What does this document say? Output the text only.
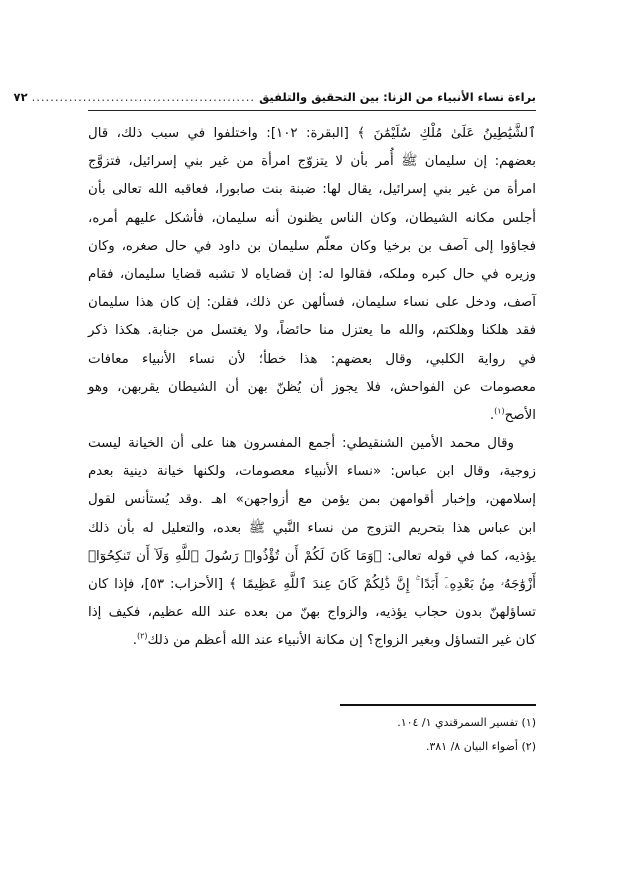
براءة نساء الأنبياء من الزنا: بين التحقيق والتلفيق
................................................
٧٢
ٱلشَّيَٰطِينُ عَلَىٰ مُلْكِ سُلَيْمَٰنَ ﴾ [البقرة: ١٠٢]: واختلفوا في سبب ذلك، قال
بعضهم: إن سليمان ﷺ أُمر بأن لا يتزوّج امرأة من غير بني إسرائيل، فتزوَّج
امرأة من غير بني إسرائيل، يقال لها: ضبنة بنت صابورا، فعاقبه الله تعالى بأن
أجلس مكانه الشيطان، وكان الناس يظنون أنه سليمان، فأشكل عليهم أمره،
فجاؤوا إلى آصف بن برخيا وكان معلّم سليمان بن داود في حال صغره، وكان
وزيره في حال كبره وملكه، فقالوا له: إن قضاياه لا تشبه قضايا سليمان، فقام
آصف، ودخل على نساء سليمان، فسألهن عن ذلك، فقلن: إن كان هذا سليمان
فقد هلكنا وهلكتم، والله ما يعتزل منا حائضاً، ولا يغتسل من جنابة. هكذا ذكر
في رواية الكلبي، وقال بعضهم: هذا خطأ؛ لأن نساء الأنبياء معافات
معصومات عن الفواحش، فلا يجوز أن يُظنّ بهن أن الشيطان يقربهن، وهو
الأصح$^{(١)}$.
وقال محمد الأمين الشنقيطي: أجمع المفسرون هنا على أن الخيانة ليست
زوجية، وقال ابن عباس: «نساء الأنبياء معصومات، ولكنها خيانة دينية بعدم
إسلامهن، وإخبار أقوامهن بمن يؤمن مع أزواجهن» اهـ .وقد يُستأنس لقول
ابن عباس هذا بتحريم التزوج من نساء النَّبي ﷺ بعده، والتعليل له بأن ذلك
يؤذيه، كما في قوله تعالى: ﴿وَمَا كَانَ لَكُمْ أَن تُؤْذُوا۟ رَسُولَ ٱللَّهِ وَلَآ أَن تَنكِحُوٓا۟
أَزْوَٰجَهُۥ مِنۢ بَعْدِهِۦٓ أَبَدًا ۚ إِنَّ ذَٰلِكُمْ كَانَ عِندَ ٱللَّهِ عَظِيمًا ﴾ [الأحزاب: ٥٣]، فإذا كان
تساؤلهنّ بدون حجاب يؤذيه، والزواج بهنّ من بعده عند الله عظيم، فكيف إذا
كان غير التساؤل وبغير الزواج؟ إن مكانة الأنبياء عند الله أعظم من ذلك$^{(٢)}$.
(١) تفسير السمرقندي ١/ ١٠٤.
(٢) أضواء البيان ٨/ ٣٨١.
